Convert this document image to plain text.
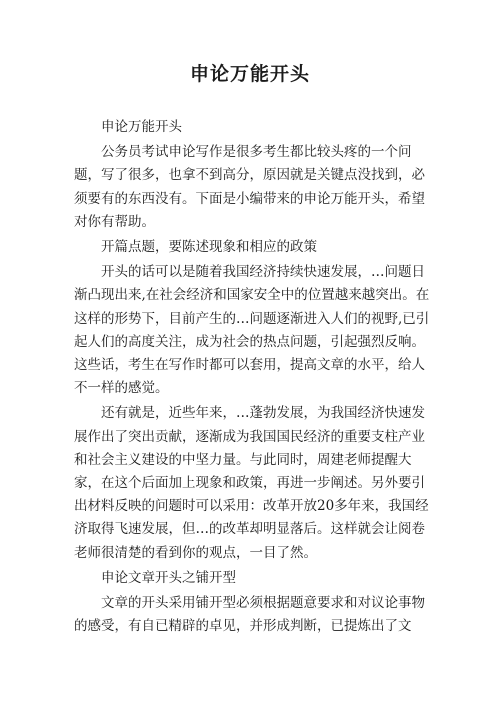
申论万能开头

申论万能开头

公务员考试申论写作是很多考生都比较头疼的一个问题，写了很多，也拿不到高分，原因就是关键点没找到，必须要有的东西没有。下面是小编带来的申论万能开头，希望对你有帮助。

开篇点题，要陈述现象和相应的政策

开头的话可以是随着我国经济持续快速发展，…问题日渐凸现出来,在社会经济和国家安全中的位置越来越突出。在这样的形势下，目前产生的…问题逐渐进入人们的视野,已引起人们的高度关注，成为社会的热点问题，引起强烈反响。这些话，考生在写作时都可以套用，提高文章的水平，给人不一样的感觉。

还有就是，近些年来，…蓬勃发展，为我国经济快速发展作出了突出贡献，逐渐成为我国国民经济的重要支柱产业和社会主义建设的中坚力量。与此同时，周建老师提醒大家，在这个后面加上现象和政策，再进一步阐述。另外要引出材料反映的问题时可以采用：改革开放20多年来，我国经济取得飞速发展，但…的改革却明显落后。这样就会让阅卷老师很清楚的看到你的观点，一目了然。

申论文章开头之铺开型

文章的开头采用铺开型必须根据题意要求和对议论事物的感受，有自已精辟的卓见，并形成判断，已提炼出了文
